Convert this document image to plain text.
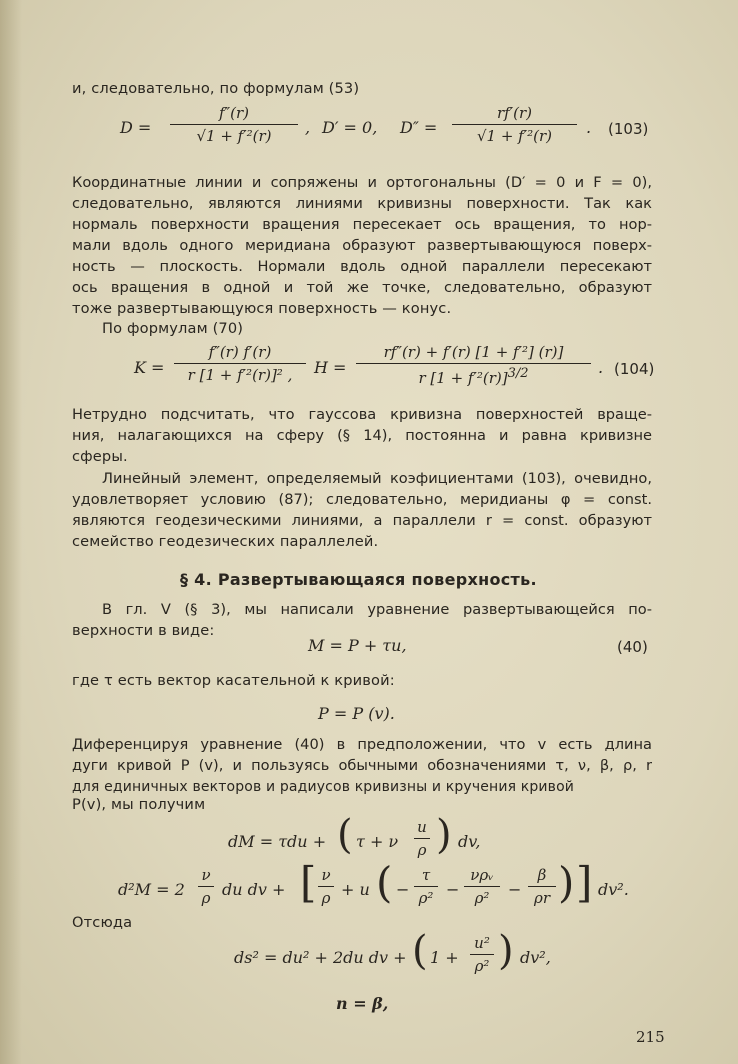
и, следовательно, по формулам (53)
$D = \frac{f''(r)}{\text{√1 + f′²(r)}}$ , D′ = 0, $D'' = \frac{rf'(r)}{\text{√1 + f′²(r)}}$ . (103)
Координатные линии и сопряжены и ортогональны (D′ = 0 и F = 0),
следовательно, являются линиями кривизны поверхности. Так как
нормаль поверхности вращения пересекает ось вращения, то нор-
мали вдоль одного меридиана образуют развертывающуюся поверх-
ность — плоскость. Нормали вдоль одной параллели пересекают
ось вращения в одной и той же точке, следовательно, образуют
тоже развертывающуюся поверхность — конус.
По формулам (70)
$K = \frac{f''(r) f'(r)}{\text{r [1 + f′²(r)]² ,}}$ $H = \frac{\text{rf″(r) + f′(r) [1 + f′²] (r)]}}{r [1 + f'^2(r)]^{3/2}}$ . (104)
Нетрудно подсчитать, что гауссова кривизна поверхностей враще-
ния, налагающихся на сферу (§ 14), постоянна и равна кривизне
сферы.
Линейный элемент, определяемый коэфициентами (103), очевидно,
удовлетворяет условию (87); следовательно, меридианы φ = const.
являются геодезическими линиями, а параллели r = const. образуют
семейство геодезических параллелей.
§ 4. Развертывающаяся поверхность.
В гл. V (§ 3), мы написали уравнение развертывающейся по-
верхности в виде:
M = P + τu,	(40)
где τ есть вектор касательной к кривой:
P = P (v).
Диференцируя уравнение (40) в предположении, что v есть длина
дуги кривой P (v), и пользуясь обычными обозначениями τ, ν, β, ρ, r
для единичных векторов и радиусов кривизны и кручения кривой
P(v), мы получим
dM = τdu + ( τ + ν $\frac{u}{\rho}$ ) dv,
$d^2M = 2 \frac{\nu}{\rho}$ du dv + [ $\frac{\nu}{\rho} + u$ ( − $\frac{\tau}{\text{ρ²}}$ −
νρᵥ
ρ²	− $\frac{\beta}{\rho r}$ ) ] dv².
Отсюда
ds² = du² + 2du dv + ( $1 + \frac{\text{u²}}{\text{ρ²}}$ ) dv²,
n = β,
215
